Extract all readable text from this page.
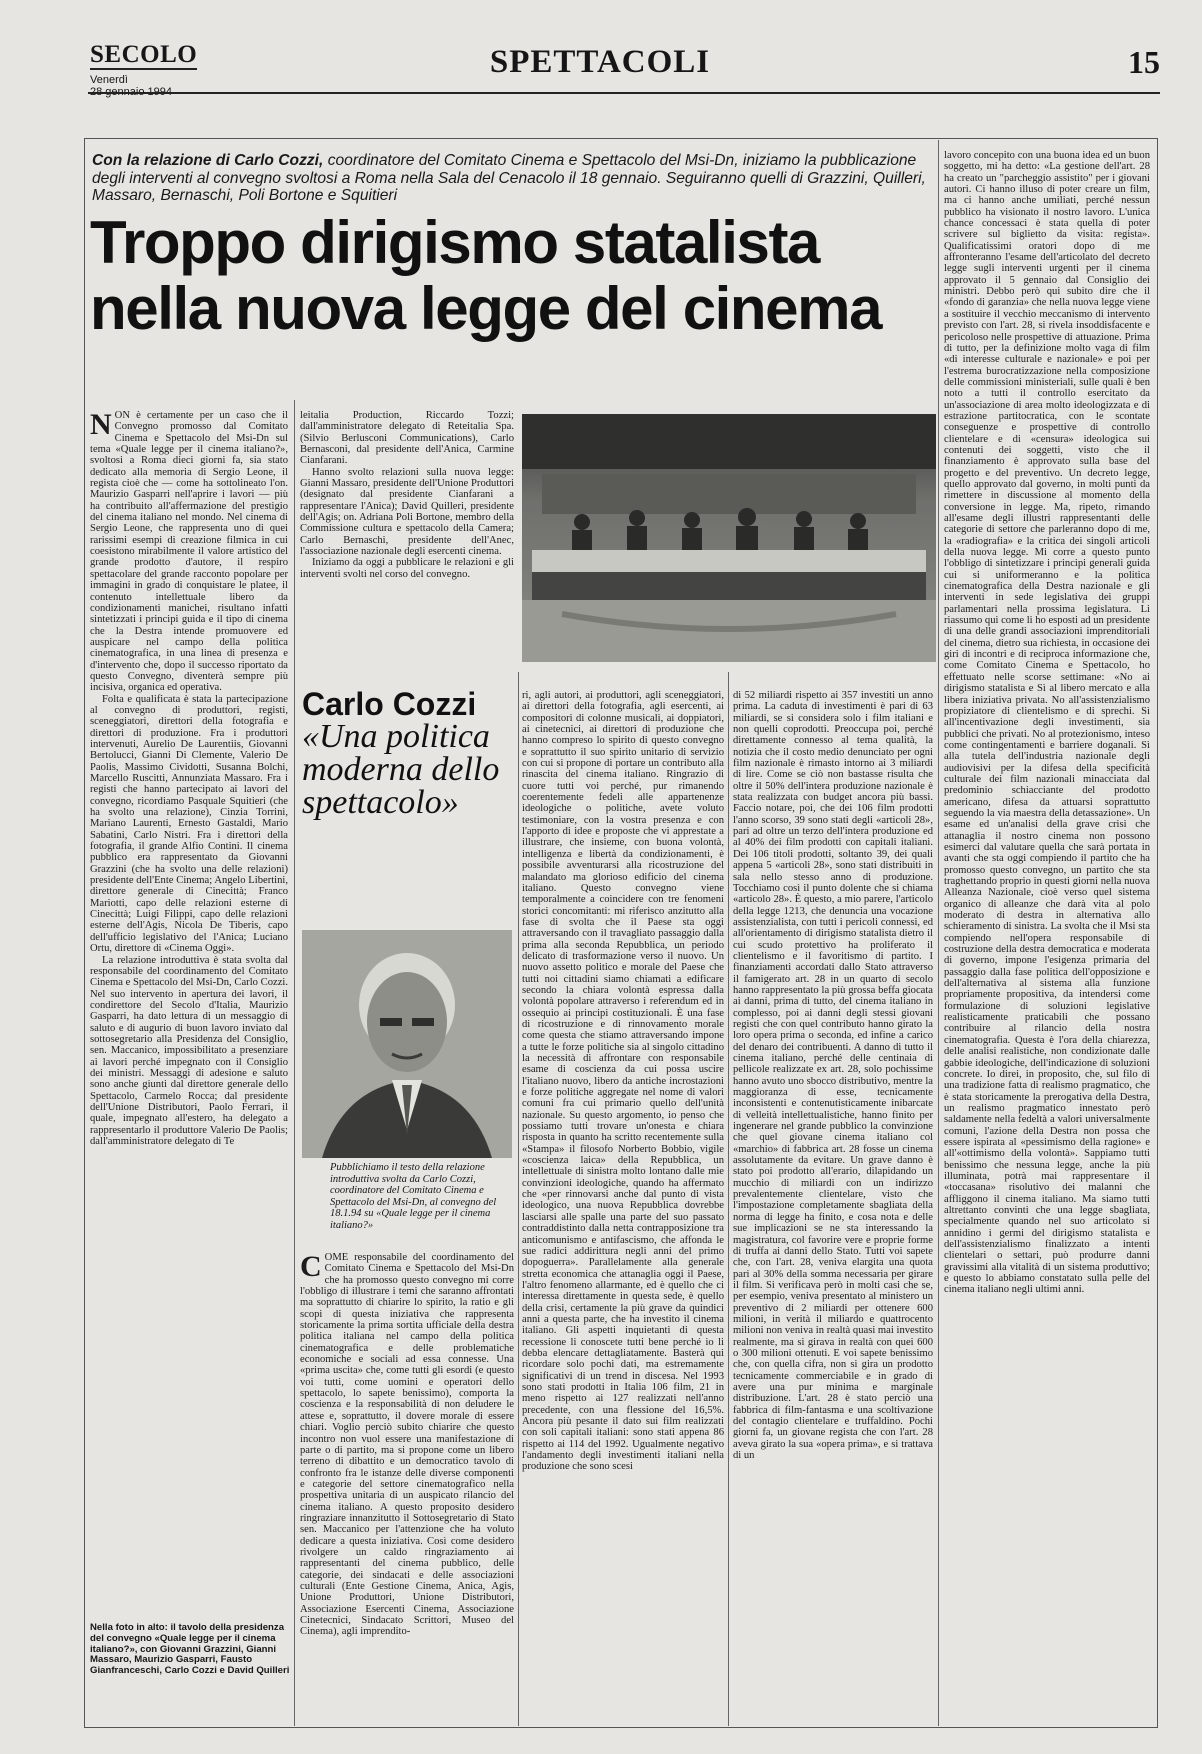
SECOLO
Venerdì	SPETTACOLI	15
Con la relazione di Carlo Cozzi, coordinatore del Comitato Cinema e Spettacolo del Msi-Dn, iniziamo la pubblicazione degli interventi al convegno svoltosi a Roma nella Sala del Cenacolo il 18 gennaio. Seguiranno quelli di Grazzini, Quilleri, Massaro, Bernaschi, Poli Bortone e Squitieri
Troppo dirigismo statalista
nella nuova legge del cinema

NON è certamente per un caso che il Convegno promosso dal Comitato Cinema e Spettacolo del Msi-Dn sul tema «Quale legge per il cinema italiano?», svoltosi a Roma dieci giorni fa, sia stato dedicato alla memoria di Sergio Leone, il regista cioè che — come ha sottolineato l'on. Maurizio Gasparri nell'aprire i lavori — più ha contribuito all'affermazione del prestigio del cinema italiano nel mondo. Nel cinema di Sergio Leone, che rappresenta uno di quei rarissimi esempi di creazione filmica in cui coesistono mirabilmente il valore artistico del grande prodotto d'autore, il respiro spettacolare del grande racconto popolare per immagini in grado di conquistare le platee, il contenuto intellettuale libero da condizionamenti manichei, risultano infatti sintetizzati i principi guida e il tipo di cinema che la Destra intende promuovere ed auspicare nel campo della politica cinematografica, in una linea di presenza e d'intervento che, dopo il successo riportato da questo Convegno, diventerà sempre più incisiva, organica ed operativa.

Folta e qualificata è stata la partecipazione al convegno di produttori, registi, sceneggiatori, direttori della fotografia e direttori di produzione. Fra i produttori intervenuti, Aurelio De Laurentiis, Giovanni Bertolucci, Gianni Di Clemente, Valerio De Paolis, Massimo Cividotti, Susanna Bolchi, Marcello Ruscitti, Annunziata Massaro. Fra i registi che hanno partecipato ai lavori del convegno, ricordiamo Pasquale Squitieri (che ha svolto una relazione), Cinzia Torrini, Mariano Laurenti, Ernesto Gastaldi, Mario Sabatini, Carlo Nistri. Fra i direttori della fotografia, il grande Alfio Contini. Il cinema pubblico era rappresentato da Giovanni Grazzini (che ha svolto una delle relazioni) presidente dell'Ente Cinema; Angelo Libertini, direttore generale di Cinecittà; Franco Mariotti, capo delle relazioni esterne di Cinecittà; Luigi Filippi, capo delle relazioni esterne dell'Agis, Nicola De Tiberis, capo dell'ufficio legislativo del l'Anica; Luciano Ortu, direttore di «Cinema Oggi».

La relazione introduttiva è stata svolta dal responsabile del coordinamento del Comitato Cinema e Spettacolo del Msi-Dn, Carlo Cozzi. Nel suo intervento in apertura dei lavori, il condirettore del Secolo d'Italia, Maurizio Gasparri, ha dato lettura di un messaggio di saluto e di augurio di buon lavoro inviato dal sottosegretario alla Presidenza del Consiglio, sen. Maccanico, impossibilitato a presenziare ai lavori perché impegnato con il Consiglio dei ministri. Messaggi di adesione e saluto sono anche giunti dal direttore generale dello Spettacolo, Carmelo Rocca; dal presidente dell'Unione Distributori, Paolo Ferrari, il quale, impegnato all'estero, ha delegato a rappresentarlo il produttore Valerio De Paolis; dall'amministratore delegato di Te

Nella foto in alto: il tavolo della presidenza del convegno «Quale legge per il cinema italiano?», con Giovanni Grazzini, Gianni Massaro, Maurizio Gasparri, Fausto Gianfranceschi, Carlo Cozzi e David Quilleri

leitalia Production, Riccardo Tozzi; dall'amministratore delegato di Reteitalia Spa. (Silvio Berlusconi Communications), Carlo Bernasconi, dal presidente dell'Anica, Carmine Cianfarani.

Hanno svolto relazioni sulla nuova legge: Gianni Massaro, presidente dell'Unione Produttori (designato dal presidente Cianfarani a rappresentare l'Anica); David Quilleri, presidente dell'Agis; on. Adriana Poli Bortone, membro della Commissione cultura e spettacolo della Camera; Carlo Bernaschi, presidente dell'Anec, l'associazione nazionale degli esercenti cinema.

Iniziamo da oggi a pubblicare le relazioni e gli interventi svolti nel corso del convegno.

Carlo Cozzi
«Una politica moderna dello spettacolo»
Pubblichiamo il testo della relazione introduttiva svolta da Carlo Cozzi, coordinatore del Comitato Cinema e Spettacolo del Msi-Dn, al convegno del 18.1.94 su «Quale legge per il cinema italiano?»

COME responsabile del coordinamento del Comitato Cinema e Spettacolo del Msi-Dn che ha promosso questo convegno mi corre l'obbligo di illustrare i temi che saranno affrontati ma soprattutto di chiarire lo spirito, la ratio e gli scopi di questa iniziativa che rappresenta storicamente la prima sortita ufficiale della destra politica italiana nel campo della politica cinematografica e delle problematiche economiche e sociali ad essa connesse. Una «prima uscita» che, come tutti gli esordi (e questo voi tutti, come uomini e operatori dello spettacolo, lo sapete benissimo), comporta la coscienza e la responsabilità di non deludere le attese e, soprattutto, il dovere morale di essere chiari. Voglio perciò subito chiarire che questo incontro non vuol essere una manifestazione di parte o di partito, ma si propone come un libero terreno di dibattito e un democratico tavolo di confronto fra le istanze delle diverse componenti e categorie del settore cinematografico nella prospettiva unitaria di un auspicato rilancio del cinema italiano. A questo proposito desidero ringraziare innanzitutto il Sottosegretario di Stato sen. Maccanico per l'attenzione che ha voluto dedicare a questa iniziativa. Così come desidero rivolgere un caldo ringraziamento ai rappresentanti del cinema pubblico, delle categorie, dei sindacati e delle associazioni culturali (Ente Gestione Cinema, Anica, Agis, Unione Produttori, Unione Distributori, Associazione Esercenti Cinema, Associazione Cinetecnici, Sindacato Scrittori, Museo del Cinema), agli imprendito-

ri, agli autori, ai produttori, agli sceneggiatori, ai direttori della fotografia, agli esercenti, ai compositori di colonne musicali, ai doppiatori, ai cinetecnici, ai direttori di produzione che hanno compreso lo spirito di questo convegno e soprattutto il suo spirito unitario di servizio con cui si propone di portare un contributo alla rinascita del cinema italiano. Ringrazio di cuore tutti voi perché, pur rimanendo coerentemente fedeli alle appartenenze ideologiche o politiche, avete voluto testimoniare, con la vostra presenza e con l'apporto di idee e proposte che vi apprestate a illustrare, che insieme, con buona volontà, intelligenza e libertà da condizionamenti, è possibile avventurarsi alla ricostruzione del malandato ma glorioso edificio del cinema italiano. Questo convegno viene temporalmente a coincidere con tre fenomeni storici concomitanti: mi riferisco anzitutto alla fase di svolta che il Paese sta oggi attraversando con il travagliato passaggio dalla prima alla seconda Repubblica, un periodo delicato di trasformazione verso il nuovo. Un nuovo assetto politico e morale del Paese che tutti noi cittadini siamo chiamati a edificare secondo la chiara volontà espressa dalla volontà popolare attraverso i referendum ed in ossequio ai principi costituzionali. È una fase di ricostruzione e di rinnovamento morale come questa che stiamo attraversando impone a tutte le forze politiche sia al singolo cittadino la necessità di affrontare con responsabile esame di coscienza da cui possa uscire l'italiano nuovo, libero da antiche incrostazioni e forze politiche aggregate nel nome di valori comuni fra cui primario quello dell'unità nazionale. Su questo argomento, io penso che possiamo tutti trovare un'onesta e chiara risposta in quanto ha scritto recentemente sulla «Stampa» il filosofo Norberto Bobbio, vigile «coscienza laica» della Repubblica, un intellettuale di sinistra molto lontano dalle mie convinzioni ideologiche, quando ha affermato che «per rinnovarsi anche dal punto di vista ideologico, una nuova Repubblica dovrebbe lasciarsi alle spalle una parte del suo passato contraddistinto dalla netta contrapposizione tra anticomunismo e antifascismo, che affonda le sue radici addirittura negli anni del primo dopoguerra». Parallelamente alla generale stretta economica che attanaglia oggi il Paese, l'altro fenomeno allarmante, ed è quello che ci interessa direttamente in questa sede, è quello della crisi, certamente la più grave da quindici anni a questa parte, che ha investito il cinema italiano. Gli aspetti inquietanti di questa recessione li conoscete tutti bene perché io li debba elencare dettagliatamente. Basterà qui ricordare solo pochi dati, ma estremamente significativi di un trend in discesa. Nel 1993 sono stati prodotti in Italia 106 film, 21 in meno rispetto ai 127 realizzati nell'anno precedente, con una flessione del 16,5%. Ancora più pesante il dato sui film realizzati con soli capitali italiani: sono stati appena 86 rispetto ai 114 del 1992. Ugualmente negativo l'andamento degli investimenti italiani nella produzione che sono scesi

di 52 miliardi rispetto ai 357 investiti un anno prima. La caduta di investimenti è pari di 63 miliardi, se si considera solo i film italiani e non quelli coprodotti. Preoccupa poi, perché direttamente connesso al tema qualità, la notizia che il costo medio denunciato per ogni film nazionale è rimasto intorno ai 3 miliardi di lire. Come se ciò non bastasse risulta che oltre il 50% dell'intera produzione nazionale è stata realizzata con budget ancora più bassi. Faccio notare, poi, che dei 106 film prodotti l'anno scorso, 39 sono stati degli «articoli 28», pari ad oltre un terzo dell'intera produzione ed al 40% dei film prodotti con capitali italiani. Dei 106 titoli prodotti, soltanto 39, dei quali appena 5 «articoli 28», sono stati distribuiti in sala nello stesso anno di produzione. Tocchiamo così il punto dolente che si chiama «articolo 28». È questo, a mio parere, l'articolo della legge 1213, che denuncia una vocazione assistenzialista, con tutti i pericoli connessi, ed all'orientamento di dirigismo statalista dietro il cui scudo protettivo ha proliferato il clientelismo e il favoritismo di partito. I finanziamenti accordati dallo Stato attraverso il famigerato art. 28 in un quarto di secolo hanno rappresentato la più grossa beffa giocata ai danni, prima di tutto, del cinema italiano in complesso, poi ai danni degli stessi giovani registi che con quel contributo hanno girato la loro opera prima o seconda, ed infine a carico del denaro dei contribuenti. A danno di tutto il cinema italiano, perché delle centinaia di pellicole realizzate ex art. 28, solo pochissime hanno avuto uno sbocco distributivo, mentre la maggioranza di esse, tecnicamente inconsistenti e contenutisticamente inibarcate di velleità intellettualistiche, hanno finito per ingenerare nel grande pubblico la convinzione che quel giovane cinema italiano col «marchio» di fabbrica art. 28 fosse un cinema assolutamente da evitare. Un grave danno è stato poi prodotto all'erario, dilapidando un mucchio di miliardi con un indirizzo prevalentemente clientelare, visto che l'impostazione completamente sbagliata della norma di legge ha finito, e cosa nota e delle sue implicazioni se ne sta interessando la magistratura, col favorire vere e proprie forme di truffa ai danni dello Stato. Tutti voi sapete che, con l'art. 28, veniva elargita una quota pari al 30% della somma necessaria per girare il film. Si verificava però in molti casi che se, per esempio, veniva presentato al ministero un preventivo di 2 miliardi per ottenere 600 milioni, in verità il miliardo e quattrocento milioni non veniva in realtà quasi mai investito realmente, ma si girava in realtà con quei 600 o 300 milioni ottenuti. E voi sapete benissimo che, con quella cifra, non si gira un prodotto tecnicamente commerciabile e in grado di avere una pur minima e marginale distribuzione. L'art. 28 è stato perciò una fabbrica di film-fantasma e una scoltivazione del contagio clientelare e truffaldino. Pochi giorni fa, un giovane regista che con l'art. 28 aveva girato la sua «opera prima», e si trattava di un

lavoro concepito con una buona idea ed un buon soggetto, mi ha detto: «La gestione dell'art. 28 ha creato un "parcheggio assistito" per i giovani autori. Ci hanno illuso di poter creare un film, ma ci hanno anche umiliati, perché nessun pubblico ha visionato il nostro lavoro. L'unica chance concessaci è stata quella di poter scrivere sul biglietto da visita: regista». Qualificatissimi oratori dopo di me affronteranno l'esame dell'articolato del decreto legge sugli interventi urgenti per il cinema approvato il 5 gennaio dal Consiglio dei ministri. Debbo però qui subito dire che il «fondo di garanzia» che nella nuova legge viene a sostituire il vecchio meccanismo di intervento previsto con l'art. 28, si rivela insoddisfacente e pericoloso nelle prospettive di attuazione. Prima di tutto, per la definizione molto vaga di film «di interesse culturale e nazionale» e poi per l'estrema burocratizzazione nella composizione delle commissioni ministeriali, sulle quali è ben noto a tutti il controllo esercitato da un'associazione di area molto ideologizzata e di estrazione partitocratica, con le scontate conseguenze e prospettive di controllo clientelare e di «censura» ideologica sui contenuti dei soggetti, visto che il finanziamento è approvato sulla base del progetto e del preventivo. Un decreto legge, quello approvato dal governo, in molti punti da rimettere in discussione al momento della conversione in legge. Ma, ripeto, rimando all'esame degli illustri rappresentanti delle categorie di settore che parleranno dopo di me, la «radiografia» e la critica dei singoli articoli della nuova legge. Mi corre a questo punto l'obbligo di sintetizzare i principi generali guida cui si uniformeranno e la politica cinematografica della Destra nazionale e gli interventi in sede legislativa dei gruppi parlamentari nella prossima legislatura. Li riassumo qui come li ho esposti ad un presidente di una delle grandi associazioni imprenditoriali del cinema, dietro sua richiesta, in occasione dei giri di incontri e di reciproca informazione che, come Comitato Cinema e Spettacolo, ho effettuato nelle scorse settimane: «No ai dirigismo statalista e Sì al libero mercato e alla libera iniziativa privata. No all'assistenzialismo propiziatore di clientelismo e di sprechi. Sì all'incentivazione degli investimenti, sia pubblici che privati. No al protezionismo, inteso come contingentamenti e barriere doganali. Sì alla tutela dell'industria nazionale degli audiovisivi per la difesa della specificità culturale dei film nazionali minacciata dal predominio schiacciante del prodotto americano, difesa da attuarsi soprattutto seguendo la via maestra della detassazione». Un esame ed un'analisi della grave crisi che attanaglia il nostro cinema non possono esimerci dal valutare quella che sarà portata in avanti che sta oggi compiendo il partito che ha promosso questo convegno, un partito che sta traghettando proprio in questi giorni nella nuova Alleanza Nazionale, cioè verso quel sistema organico di alleanze che darà vita al polo moderato di destra in alternativa allo schieramento di sinistra. La svolta che il Msi sta compiendo nell'opera responsabile di costruzione della destra democratica e moderata di governo, impone l'esigenza primaria del passaggio dalla fase politica dell'opposizione e dell'alternativa al sistema alla funzione propriamente propositiva, da intendersi come formulazione di soluzioni legislative realisticamente praticabili che possano contribuire al rilancio della nostra cinematografia. Questa è l'ora della chiarezza, delle analisi realistiche, non condizionate dalle gabbie ideologiche, dell'indicazione di soluzioni concrete. Io direi, in proposito, che, sul filo di una tradizione fatta di realismo pragmatico, che è stata storicamente la prerogativa della Destra, un realismo pragmatico innestato però saldamente nella fedeltà a valori universalmente comuni, l'azione della Destra non possa che essere ispirata al «pessimismo della ragione» e all'«ottimismo della volontà». Sappiamo tutti benissimo che nessuna legge, anche la più illuminata, potrà mai rappresentare il «toccasana» risolutivo dei malanni che affliggono il cinema italiano. Ma siamo tutti altrettanto convinti che una legge sbagliata, specialmente quando nel suo articolato si annidino i germi del dirigismo statalista e dell'assistenzialismo finalizzato a intenti clientelari o settari, può produrre danni gravissimi alla vitalità di un sistema produttivo; e questo lo abbiamo constatato sulla pelle del cinema italiano negli ultimi anni.
